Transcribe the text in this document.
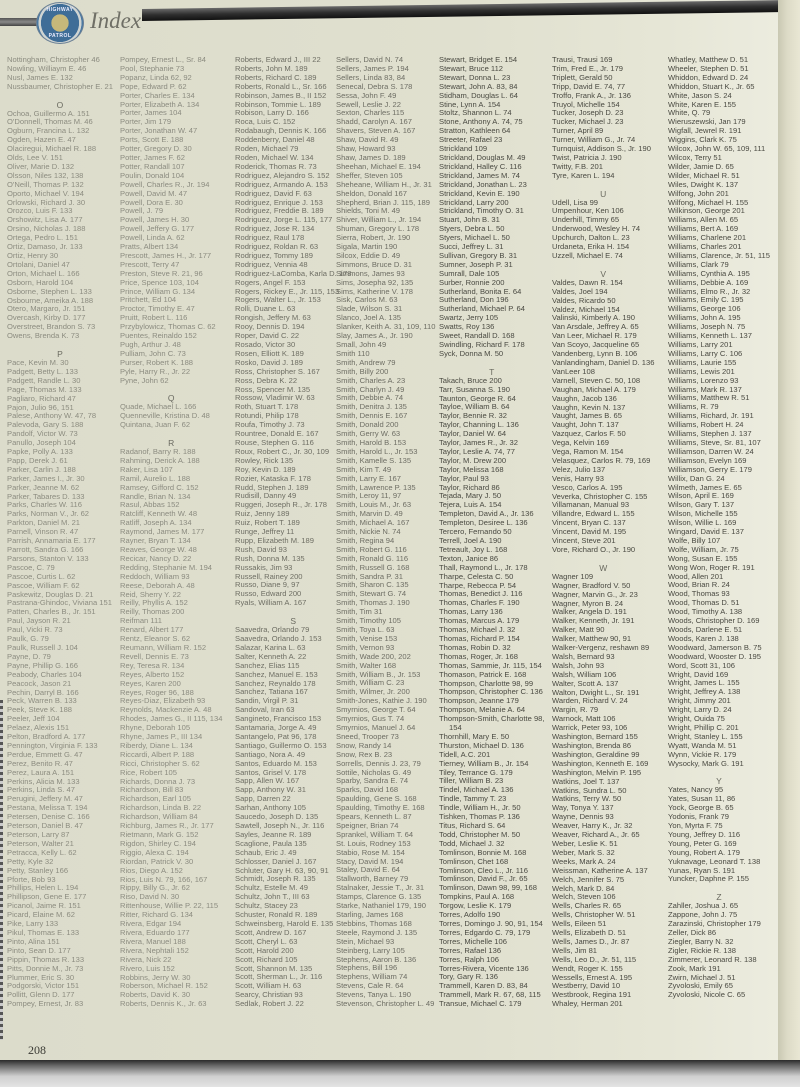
HIGHWAY
PATROL
Index
Nottingham, Christopher 46
Nowling, Williaym E. 46
Nusl, James E. 132
Nussbaumer, Christopher E. 21
O
Ochoa, Guillermo A. 151
O'Donnell, Thomas M. 46
Ogburn, Francina L. 132
Ogden, Hazen E. 47
Olaciregui, Michael R. 188
Olds, Lee V. 151
Oliver, Marie D. 132
Olsson, Niles 132, 138
O'Neill, Thomas P. 132
Oporto, Michael V. 194
Orlowski, Richard J. 30
Orozco, Luis F. 133
Orshowitz, Lisa A. 177
Orsino, Nicholas J. 188
Ortega, Pedro L. 151
Ortiz, Damaso, Jr. 133
Ortiz, Henry 30
Ortolani, Daniel 47
Orton, Michael L. 166
Osborn, Harold 104
Osborne, Stephen L. 133
Osbourne, Ameika A. 188
Otero, Margaro, Jr. 151
Overcash, Kirby D. 177
Overstreet, Brandon S. 73
Owens, Brenda K. 73
P
Pace, Kevin M. 30
Padgett, Betty L. 133
Padgett, Randle L. 30
Page, Thomas M. 133
Pagliaro, Richard 47
Pajon, Julio 96, 151
Palese, Anthony W. 47, 78
Palevoda, Gary S. 188
Pandolf, Victor W. 73
Panullo, Joseph 104
Papke, Polly A. 133
Papp, Derek J. 61
Parker, Carlin J. 188
Parker, James I., Jr. 30
Parker, Jeanne M. 62
Parker, Tabares D. 133
Parks, Charles W. 116
Parks, Norman V., Jr. 62
Parkton, Daniel M. 21
Parnell, Vinson R. 47
Parrish, Annamaria E. 177
Parrott, Sandra G. 166
Parsons, Stanton V. 133
Pascoe, C. 79
Pascoe, Curtis L. 62
Pascoe, William F. 62
Paskewitz, Douglas D. 21
Pastrana-Ghindoc, Viviana 151
Patten, Charles B., Jr. 151
Paul, Jayson R. 21
Paul, Vicki R. 73
Paulk, G. 79
Paulk, Russell J. 104
Payne, D. 79
Payne, Phillip G. 166
Peabody, Charles 104
Peacock, Jason 21
Pechin, Darryl B. 166
Peck, Warren B. 133
Peek, Steve K. 188
Peeler, Jeff 104
Pelaez, Alexis 151
Pelton, Bradford A. 177
Pennington, Virginia F. 133
Perdue, Emmett G. 47
Perez, Benito R. 47
Perez, Laura A. 151
Perkins, Alicia M. 133
Perkins, Linda S. 47
Perugini, Jeffery M. 47
Pestana, Melissa T. 194
Petersen, Denise C. 166
Peterson, Daniel B. 47
Peterson, Larry 87
Peterson, Walter 21
Petracca, Kelly L. 62
Petty, Kyle 32
Petty, Stanley 166
Pforte, Bob 93
Phillips, Helen L. 194
Phillipson, Gene E. 177
Picanol, Jaime R. 151
Picard, Elaine M. 62
Pike, Larry 133
Pikul, Thomas E. 133
Pinto, Alina 151
Pinto, Sean D. 177
Pippin, Thomas R. 133
Pitts, Donnie M., Jr. 73
Plummer, Eric S. 30
Podgorski, Victor 151
Pollitt, Glenn D. 177
Pompey, Ernest, Jr. 83
Pompey, Ernest L., Sr. 84
Pool, Stephanie 73
Popanz, Linda 62, 92
Pope, Edward P. 62
Porter, Charles E. 134
Porter, Elizabeth A. 134
Porter, James 104
Porter, Jim 179
Porter, Jonathan W. 47
Ports, Scott E. 188
Potter, Gregory D. 30
Potter, James F. 62
Potter, Randall 107
Poulin, Donald 104
Powell, Charles R., Jr. 194
Powell, David M. 47
Powell, Dora E. 30
Powell, J. 79
Powell, James H. 30
Powell, Jeffery G. 177
Powell, Linda A. 62
Pratts, Albert 134
Prescott, James H., Jr. 177
Prescott, Terry 47
Preston, Steve R. 21, 96
Price, Spence 103, 104
Prince, William G. 134
Pritchett, Ed 104
Proctor, Timothy E. 47
Pruitt, Robert L. 116
Przybylowicz, Thomas C. 62
Puentes, Reinaldo 152
Pugh, Arthur J. 48
Pulliam, John C. 73
Purser, Robert K. 188
Pyle, Harry R., Jr. 22
Pyne, John 62
Q
Quade, Michael L. 166
Quenneville, Kristina D. 48
Quintana, Juan F. 62
R
Radanof, Barry R. 188
Rahming, Derick A. 188
Raker, Lisa 107
Ramil, Aurelio L. 188
Ramsey, Gifford C. 152
Randle, Brian N. 134
Rasul, Abbas 152
Ratcliff, Kenneth W. 48
Ratliff, Joseph A. 134
Raymond, James M. 177
Rayner, Bryan T. 134
Reaves, George W. 48
Recicar, Nancy D. 22
Redding, Stephanie M. 194
Reddoch, William 93
Reese, Deborah A. 48
Reid, Sherry Y. 22
Reilly, Phyllis A. 152
Reilly, Thomas 200
Reifman 111
Renard, Albert 177
Rentz, Eleanor S. 62
Reumann, William R. 152
Revell, Dennis E. 73
Rey, Teresa R. 134
Reyes, Alberto 152
Reyes, Karen 200
Reyes, Roger 96, 188
Reyes-Diaz, Elizabeth 93
Reynolds, Mackenzie A. 48
Rhodes, James G., II 115, 134
Rhyne, Deborah 105
Rhyne, James P., III 134
Riberdy, Diane L. 134
Riccardi, Albert P. 188
Ricci, Christopher S. 62
Rice, Robert 105
Richards, Donna J. 73
Richardson, Bill 83
Richardson, Earl 105
Richardson, Linda B. 22
Richardson, William 84
Richburg, James R., Jr. 177
Rietmann, Mark G. 152
Rigdon, Shirley C. 194
Riggio, Alexa C. 194
Riordan, Patrick V. 30
Rios, Diego A. 152
Rios, Luis N. 79, 166, 167
Rippy, Billy G., Jr. 62
Riso, David N. 30
Rittenhouse, Willie P. 22, 115
Ritter, Richard G. 134
Rivera, Edgar 194
Rivera, Eduardo 177
Rivera, Manuel 188
Rivera, Nephtali 152
Rivera, Nick 22
Rivero, Luis 152
Robbins, Jerry W. 30
Roberson, Michael R. 152
Roberts, David K. 30
Roberts, Dennis K., Jr. 63
Roberts, Edward J., III 22
Roberts, John M. 189
Roberts, Richard C. 189
Roberts, Ronald L., Sr. 166
Robinson, James B., II 152
Robinson, Tommie L. 189
Robison, Larry D. 166
Roca, Luis C. 152
Rodabaugh, Dennis K. 166
Roddenberry, Daniel 48
Roden, Michael 79
Roden, Michael W. 134
Roderick, Thomas R. 73
Rodriguez, Alejandro S. 152
Rodriguez, Armando A. 153
Rodriguez, David F. 63
Rodriguez, Enrique J. 153
Rodriguez, Freddie B. 189
Rodriguez, Jorge L. 115, 177
Rodriguez, Jose R. 134
Rodriguez, Raul 178
Rodriguez, Roldan R. 63
Rodriguez, Tommy 189
Rodriguez, Vennia 48
Rodriguez-LaComba, Karla D. 178
Rogers, Angel F. 153
Rogers, Rickey E., Jr. 115, 153
Rogers, Walter L., Jr. 153
Rolli, Duane L. 63
Rongish, Jeffery M. 63
Rooy, Dennis D. 194
Roper, David C. 22
Rosado, Victor 30
Rosen, Elliott K. 189
Rosko, David J. 189
Ross, Christopher S. 167
Ross, Debra K. 22
Ross, Spencer M. 135
Rossow, Vladimir W. 63
Roth, Stuart T. 178
Rotundi, Philip 178
Roufa, Timothy J. 73
Rountree, Donald E. 167
Rouse, Stephen G. 116
Roux, Robert C., Jr. 30, 109
Rowley, Rick 135
Roy, Kevin D. 189
Rozier, Kataska F. 178
Rudd, Stephen J. 189
Rudisill, Danny 49
Ruggeri, Joseph R., Jr. 178
Ruiz, Jenny 189
Ruiz, Robert T. 189
Runge, Jeffrey 11
Rupp, Elizabeth M. 189
Rush, David 93
Rush, Donna M. 135
Russakis, Jim 93
Russell, Rainey 200
Russo, Diane 9, 97
Russo, Edward 200
Ryals, William A. 167
S
Saavedra, Orlando 79
Saavedra, Orlando J. 153
Salazar, Karina L. 63
Salter, Kenneth A. 22
Sanchez, Elias 115
Sanchez, Manuel E. 153
Sanchez, Reynaldo 178
Sanchez, Tatiana 167
Sandin, Virgil P. 31
Sandoval, Iran 63
Sangineto, Francisco 153
Santamaria, Jorge A. 49
Santangelo, Pat 96, 178
Santiago, Guillermo O. 153
Santiago, Nora A. 49
Santos, Eduardo M. 153
Santos, Grisel V. 178
Sapp, Allen W. 167
Sapp, Anthony W. 31
Sapp, Darren 22
Sarhan, Anthony 105
Saucedo, Joseph D. 135
Sawtell, Joseph N., Jr. 116
Sayles, Jeanne R. 189
Scaglione, Paula 135
Schaub, Eric J. 49
Schlosser, Daniel J. 167
Schluter, Gary H. 63, 90, 91
Schmidt, Joseph R. 135
Schultz, Estelle M. 49
Schultz, John T., III 63
Schultz, Stacey 23
Schuster, Ronald R. 189
Schweinsberg, Harold E. 135
Scott, Andrew D. 167
Scott, Cheryl L. 63
Scott, Harold 200
Scott, Richard 105
Scott, Shannon M. 135
Scott, Sherman L., Jr. 116
Scott, William H. 63
Searcy, Christian 93
Sedlak, Robert J. 22
Sellers, David N. 74
Sellers, James P. 194
Sellers, Linda 83, 84
Senecal, Debra S. 178
Sessa, John F. 49
Sewell, Leslie J. 22
Sexton, Charles 115
Shadd, Carolyn A. 167
Shavers, Steven A. 167
Shaw, David R. 49
Shaw, Howard 93
Shaw, James D. 189
Sheehan, Michael E. 194
Sheffer, Steven 105
Sheheane, William H., Jr. 31
Sheldon, Donald 167
Shepherd, Brian J. 115, 189
Shields, Toni M. 49
Shiver, William L., Jr. 194
Shuman, Gregory L. 178
Sierra, Robert, Jr. 190
Sigala, Martin 190
Silcox, Eddie D. 49
Simmons, Bruce D. 31
Simmons, James 93
Sims, Josepha 92, 135
Sims, Katherine V. 178
Sisk, Carlos M. 63
Slade, Wilson S. 31
Slanco, Joel A. 135
Slanker, Keith A. 31, 109, 110
Slay, James A., Jr. 190
Small, John 49
Smith 110
Smith, Andrew 79
Smith, Billy 200
Smith, Charles A. 23
Smith, Charlyn J. 49
Smith, Debbie A. 74
Smith, Denitra J. 135
Smith, Dennis E. 167
Smith, Donald 200
Smith, Gerry W. 63
Smith, Harold B. 153
Smith, Harold L., Jr. 153
Smith, Kamelle S. 135
Smith, Kim T. 49
Smith, Larry E. 167
Smith, Lawrence P. 135
Smith, Leroy 11, 97
Smith, Louis M., Jr. 63
Smith, Marvin D. 49
Smith, Michael A. 167
Smith, Nickie N. 74
Smith, Regina 94
Smith, Robert G. 116
Smith, Ronald G. 116
Smith, Russell G. 168
Smith, Sandra P. 31
Smith, Sharon C. 135
Smith, Stewart G. 74
Smith, Thomas J. 190
Smith, Tim 31
Smith, Timothy 105
Smith, Toya L. 63
Smith, Venise 153
Smith, Vernon 93
Smith, Wade 200, 202
Smith, Walter 168
Smith, William B., Jr. 153
Smith, William C. 23
Smith, Wilmer, Jr. 200
Smith-Jones, Kathie J. 190
Smyrnios, George T. 64
Smyrnios, Gus T. 74
Smyrnios, Manuel J. 64
Sneed, Trooper 73
Snow, Randy 14
Snow, Rex B. 23
Sorrells, Dennis J. 23, 79
Sottile, Nicholas G. 49
Sparby, Sandra E. 74
Sparks, David 168
Spaulding, Gene S. 168
Spaulding, Timothy E. 168
Spears, Kenneth L. 87
Speigner, Brian 74
Sprankel, William T. 64
St. Louis, Rodney 153
Stabio, Rose M. 154
Stacy, David M. 194
Staley, David E. 64
Stallworth, Barney 79
Stalnaker, Jessie T., Jr. 31
Stamps, Clarence G. 135
Starke, Nathaniel 179, 190
Starling, James 168
Stebbins, Thomas 168
Steele, Raymond J. 135
Stein, Michael 93
Steinberg, Larry 105
Stephens, Aaron B. 136
Stephens, Bill 196
Stephens, William 74
Stevens, Cale R. 64
Stevens, Tanya L. 190
Stevenson, Christopher L. 49
Stewart, Bridget E. 154
Stewart, Bruce 112
Stewart, Donna L. 23
Stewart, John A. 83, 84
Stidham, Douglas L. 64
Stine, Lynn A. 154
Stoltz, Shannon L. 74
Stone, Anthony A. 74, 75
Stratton, Kathleen 64
Streeter, Rafael 23
Strickland 109
Strickland, Douglas M. 49
Strickland, Halley C. 116
Strickland, James M. 74
Strickland, Jonathan L. 23
Strickland, Kevin E. 190
Strickland, Larry 200
Strickland, Timothy O. 31
Stuart, John B. 31
Styers, Debra L. 50
Styers, Michael L. 50
Succi, Jeffrey L. 31
Sullivan, Gregory B. 31
Sumner, Joseph P. 31
Sumrall, Dale 105
Surber, Ronnie 200
Sutherland, Bonita E. 64
Sutherland, Don 196
Sutherland, Michael P. 64
Swartz, Jerry 105
Swatts, Roy 136
Sweet, Randall D. 168
Swindling, Richard F. 178
Syck, Donna M. 50
T
Takach, Bruce 200
Tarr, Susanna S. 190
Taunton, George R. 64
Tayloe, William B. 64
Taylor, Bennie R. 32
Taylor, Channing L. 136
Taylor, Daniel W. 64
Taylor, James R., Jr. 32
Taylor, Leslie A. 74, 77
Taylor, M. Drew 200
Taylor, Melissa 168
Taylor, Paul 93
Taylor, Richard 86
Tejada, Mary J. 50
Tejera, Luis A. 154
Templeton, David A., Jr. 136
Templeton, Desiree L. 136
Tercero, Fernando 50
Terrell, Joel A. 190
Tetreault, Joy L. 168
Texton, Janice 86
Thall, Raymond L., Jr. 178
Tharpe, Celesta C. 50
Tharpe, Rebecca P. 54
Thomas, Benedict J. 116
Thomas, Charles F. 190
Thomas, Larry 136
Thomas, Marcus A. 179
Thomas, Michael J. 32
Thomas, Richard P. 154
Thomas, Robin D. 32
Thomas, Roger, Jr. 168
Thomas, Sammie, Jr. 115, 154
Thomason, Patrick E. 168
Thompson, Charlotte 98, 99
Thompson, Christopher C. 136
Thompson, Jeanne 179
Thompson, Melanie A. 64
Thompson-Smith, Charlotte 98,
154
Thornhill, Mary E. 50
Thurston, Michael D. 136
Tidell, A.C. 201
Tierney, William B., Jr. 154
Tiley, Terrance G. 179
Tiller, William B. 23
Tindel, Michael A. 136
Tindle, Tammy T. 23
Tindle, William H., Jr. 50
Tishken, Thomas P. 136
Titus, Richard S. 64
Todd, Christopher M. 50
Todd, Michael J. 32
Tomlinson, Bonnie M. 168
Tomlinson, Chet 168
Tomlinson, Cleo L., Jr. 116
Tomlinson, David F., Jr. 65
Tomlinson, Dawn 98, 99, 168
Tompkins, Paul A. 168
Torgow, Leslie K. 179
Torres, Adolfo 190
Torres, Domingo J. 90, 91, 154
Torres, Edgardo C. 79, 179
Torres, Michelle 106
Torres, Rafael 136
Torres, Ralph 106
Torres-Rivera, Vicente 136
Tory, Gary R. 136
Trammell, Karen D. 83, 84
Trammell, Mark R. 67, 68, 115
Transue, Michael C. 179
Trausi, Trausi 169
Trim, Fred E., Jr. 179
Triplett, Gerald 50
Tripp, David E. 74, 77
Troffo, Frank A., Jr. 136
Truyol, Michelle 154
Tucker, Joseph D. 23
Tucker, Michael J. 23
Turner, April 89
Turner, William G., Jr. 74
Turnquist, Addison S., Jr. 190
Twist, Patricia J. 190
Twitty, F.B. 201
Tyre, Karen L. 194
U
Udell, Lisa 99
Umpenhour, Ken 106
Underhill, Timmy 65
Underwood, Wesley H. 74
Upchurch, Dalton L. 23
Urdaneta, Erika H. 154
Uzzell, Michael E. 74
V
Valdes, Dawn R. 154
Valdes, Joel 194
Valdes, Ricardo 50
Valdez, Michael 154
Valinski, Kimberly A. 190
Van Arsdale, Jeffrey A. 65
Van Leer, Michael R. 179
Van Scoyo, Jacqueline 65
Vandenberg, Lynn B. 106
Vanlandingham, Daniel D. 136
VanLeer 108
Varnell, Steven C. 50, 108
Vaughan, Michael A. 179
Vaughn, Jacob 136
Vaughn, Kevin N. 137
Vaught, James B. 65
Vaught, John T. 137
Vazquez, Carlos F. 50
Vega, Kelvin 169
Vega, Ramon M. 154
Velasquez, Carlos R. 79, 169
Velez, Julio 137
Venis, Harry 93
Vesco, Carlos A. 195
Veverka, Christopher C. 155
Villamanan, Manual 93
Villandre, Edward L. 155
Vincent, Bryan C. 137
Vincent, David M. 195
Vincent, Steve 201
Vore, Richard O., Jr. 190
W
Wagner 109
Wagner, Bradford V. 50
Wagner, Marvin G., Jr. 23
Wagner, Myron B. 24
Walker, Angela D. 191
Walker, Kenneth, Jr. 191
Walker, Matt 90
Walker, Matthew 90, 91
Walker-Vergenz, reshawn 89
Walsh, Bernard 93
Walsh, John 93
Walsh, William 106
Walter, Scott A. 137
Walton, Dwight L., Sr. 191
Warden, Richard V. 24
Wargin, R. 79
Warnock, Matt 106
Warrick, Peter 93, 106
Washington, Bernard 155
Washington, Brenda 86
Washington, Geraldine 99
Washington, Kenneth E. 169
Washington, Melvin P. 195
Watkins, Joel T. 137
Watkins, Sundra L. 50
Watkins, Terry W. 50
Way, Tonya Y. 137
Wayne, Dennis 93
Weaver, Harry K., Jr. 32
Weaver, Richard A., Jr. 65
Weber, Leslie K. 51
Weber, Mark S. 32
Weeks, Mark A. 24
Weissman, Katherine A. 137
Welch, Jennifer S. 75
Welch, Mark D. 84
Welch, Steven 106
Wells, Charles R. 65
Wells, Christopher W. 51
Wells, Eileen 51
Wells, Elizabeth D. 51
Wells, James D., Jr. 87
Wells, Jim 81
Wells, Leo D., Jr. 51, 115
Wendt, Roger K. 155
Wessells, Ernest A. 195
Westberry, David 10
Westbrook, Regina 191
Whaley, Herman 201
Whatley, Matthew D. 51
Wheeler, Stephen D. 51
Whiddon, Edward D. 24
Whiddon, Stuart K., Jr. 65
White, Jason S. 24
White, Karen E. 155
White, Q. 79
Wieruszewski, Jan 179
Wigfall, Jewrel R. 191
Wiggins, Clark K. 75
Wilcox, John W. 65, 109, 111
Wilcox, Terry 51
Wilder, Jamie D. 65
Wilder, Michael R. 51
Wiles, Dwight K. 137
Wilfong, John 201
Wilfong, Michael H. 155
Wilkinson, George 201
Williams, Allen M. 65
Williams, Bert A. 169
Williams, Charlene 201
Williams, Charles 201
Williams, Clarence, Jr. 51, 115
Williams, Clark 79
Williams, Cynthia A. 195
Williams, Debbie A. 169
Williams, Elmo R., Jr. 32
Williams, Emily C. 195
Williams, George 106
Williams, John A. 195
Williams, Joseph N. 75
Williams, Kenneth L. 137
Williams, Larry 201
Williams, Larry C. 106
Williams, Laurie 155
Williams, Lewis 201
Williams, Lorenzo 93
Williams, Mark R. 137
Williams, Matthew R. 51
Williams, R. 79
Williams, Richard, Jr. 191
Williams, Robert H. 24
Williams, Stephen J. 137
Williams, Steve, Sr. 81, 107
Williamson, Darren W. 24
Williamson, Evelyn 169
Williamson, Gerry E. 179
Willix, Dan G. 24
Wilmeth, James E. 65
Wilson, April E. 169
Wilson, Gary T. 137
Wilson, Michelle 155
Wilson, Willie L. 169
Wingard, David E. 137
Wolfe, Billy 107
Wolfe, William, Jr. 75
Wong, Susan E. 155
Wong Won, Roger R. 191
Wood, Allen 201
Wood, Brian R. 24
Wood, Thomas 93
Wood, Thomas D. 51
Wood, Timothy A. 138
Woods, Christopher D. 169
Woods, Darlene E. 51
Woods, Karen J. 138
Woodward, Jamerson B. 75
Woodward, Wooster D. 195
Word, Scott 31, 106
Wright, David 169
Wright, James L. 155
Wright, Jeffrey A. 138
Wright, Jimmy 201
Wright, Larry D. 24
Wright, Ouida 75
Wright, Phillip C. 201
Wright, Stanley L. 155
Wyatt, Wanda M. 51
Wynn, Vickie R. 179
Wysocky, Mark G. 191
Y
Yates, Nancy 95
Yates, Susan 11, 86
Yock, George B. 65
Yodonis, Frank 79
Yon, Myrta F. 75
Young, Jeffrey D. 116
Young, Peter G. 169
Young, Robert A. 179
Yuknavage, Leonard T. 138
Yunas, Ryan S. 191
Yuncker, Daphne P. 155
Z
Zahller, Joshua J. 65
Zappone, John J. 75
Zarazinski, Christopher 179
Zeller, Dick 86
Ziegler, Barry N. 32
Zigler, Rickie R. 138
Zimmerer, Leonard R. 138
Zook, Mark 191
Zwirn, Michael J. 51
Zyvoloski, Emily 65
Zyvoloski, Nicole C. 65
208
